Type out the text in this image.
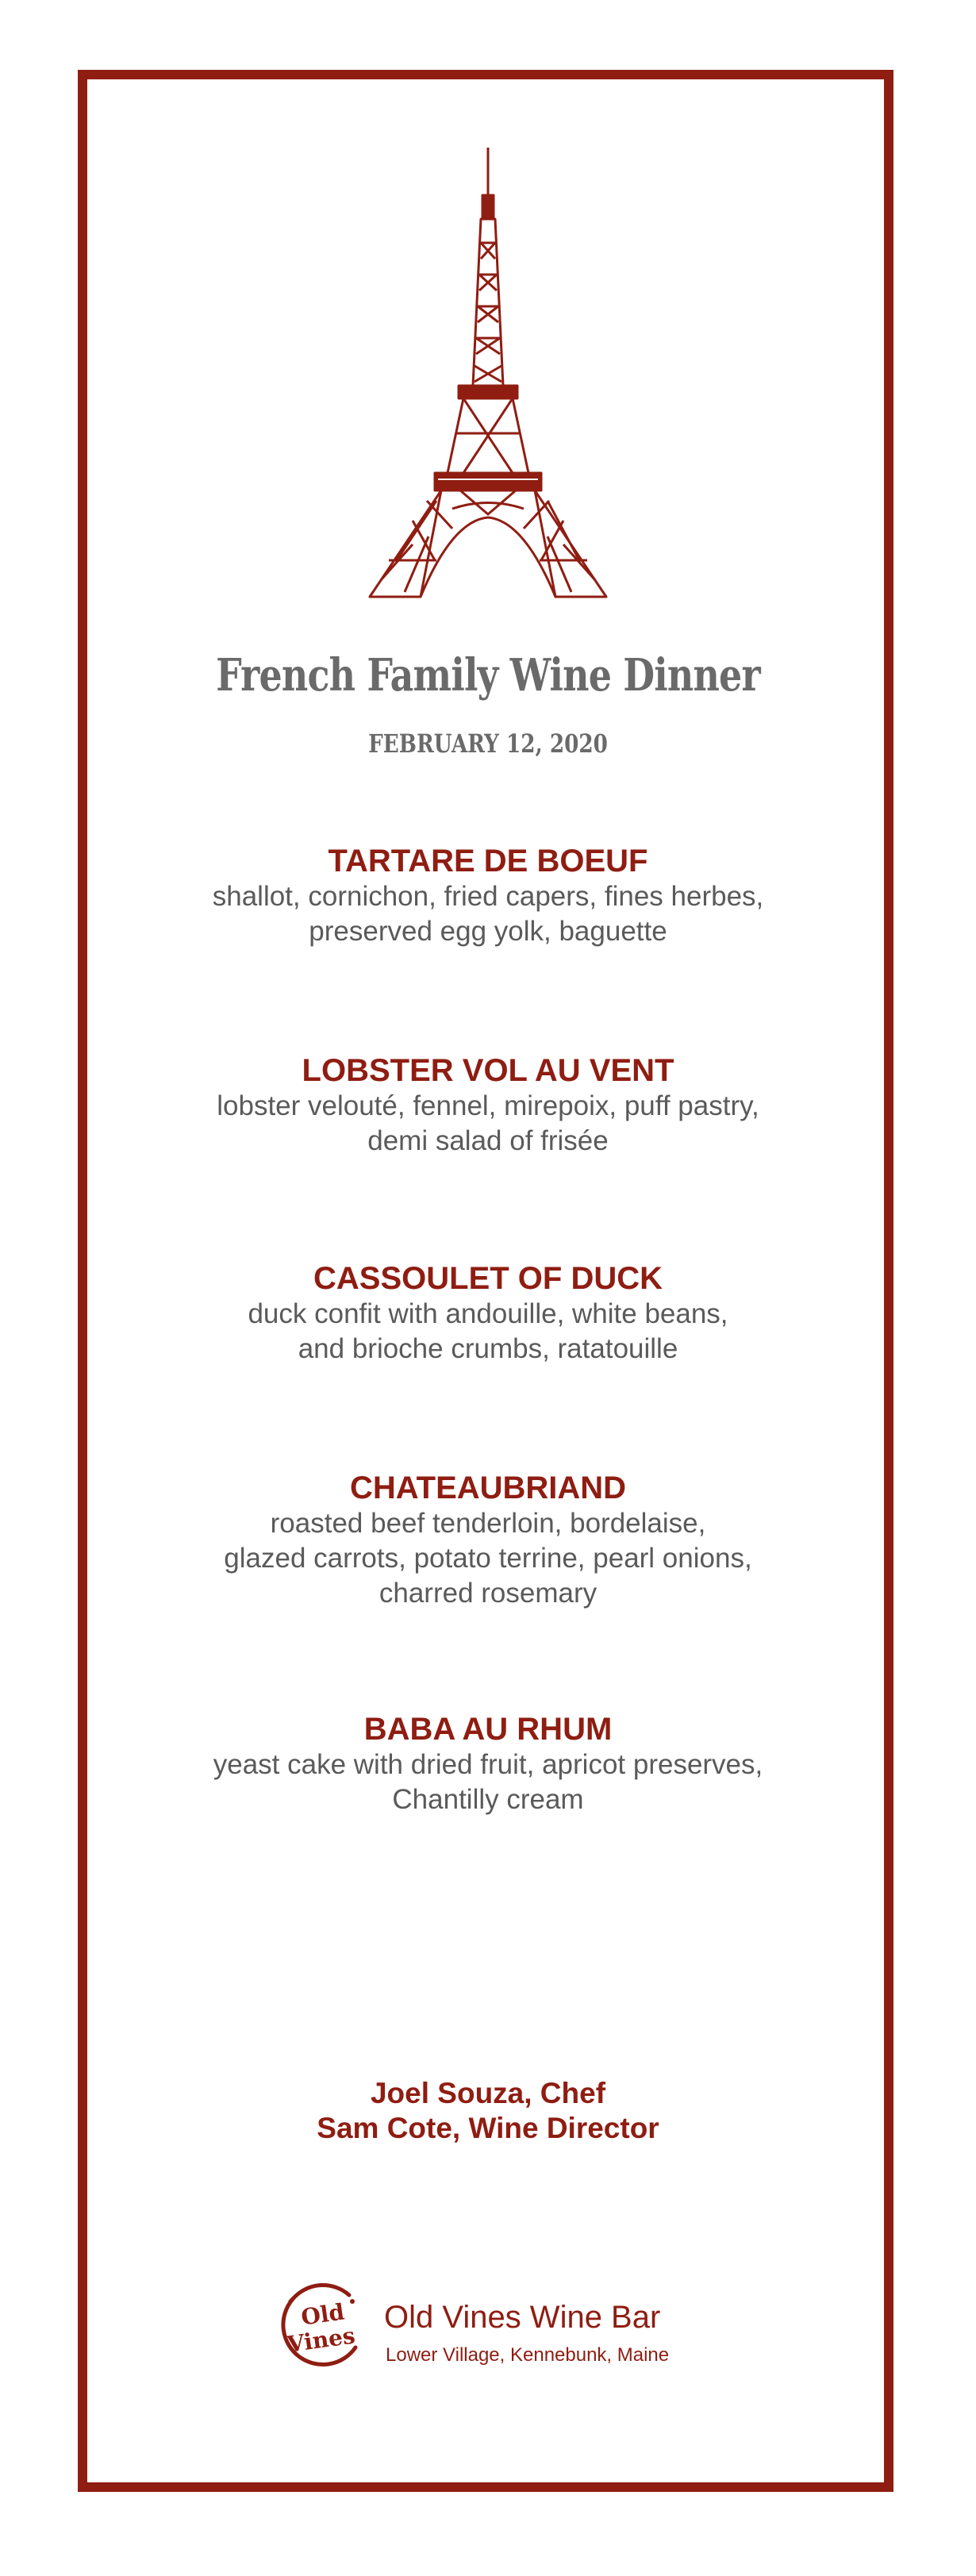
French Family Wine Dinner
FEBRUARY 12, 2020
TARTARE DE BOEUF
shallot, cornichon, fried capers, fines herbes,
preserved egg yolk, baguette
LOBSTER VOL AU VENT
lobster velouté, fennel, mirepoix, puff pastry,
demi salad of frisée
CASSOULET OF DUCK
duck confit with andouille, white beans,
and brioche crumbs, ratatouille
CHATEAUBRIAND
roasted beef tenderloin, bordelaise,
glazed carrots, potato terrine, pearl onions,
charred rosemary
BABA AU RHUM
yeast cake with dried fruit, apricot preserves,
Chantilly cream
Joel Souza, Chef
Sam Cote, Wine Director
Old
Vines
Old Vines Wine Bar
Lower Village, Kennebunk, Maine
